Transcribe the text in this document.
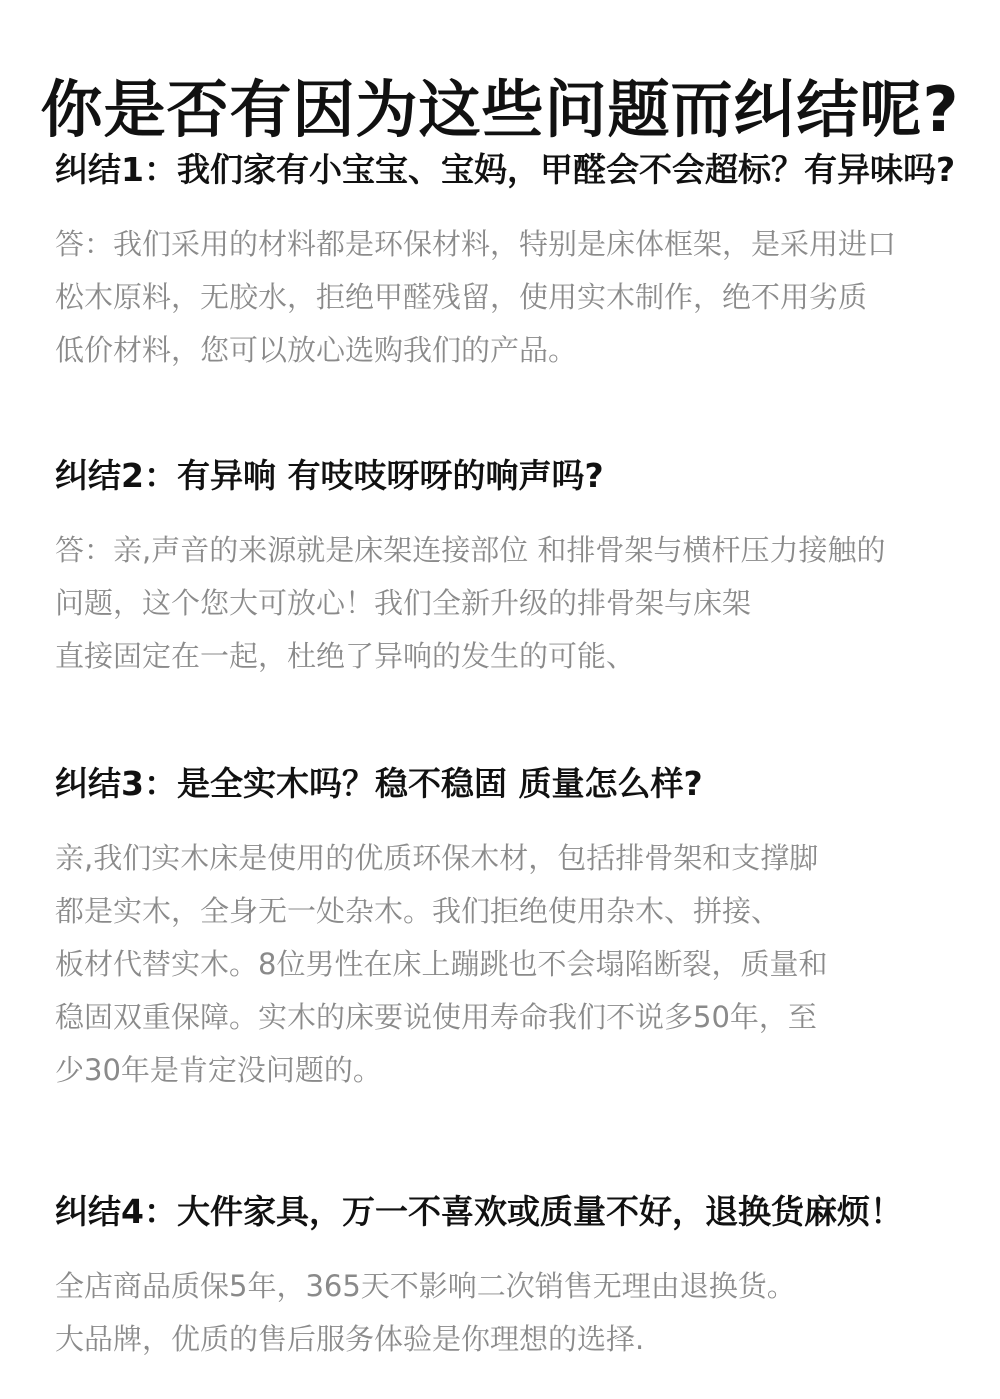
你是否有因为这些问题而纠结呢?
纠结1：我们家有小宝宝、宝妈，甲醛会不会超标？有异味吗?
答：我们采用的材料都是环保材料，特别是床体框架，是采用进口
松木原料，无胶水，拒绝甲醛残留，使用实木制作，绝不用劣质
低价材料，您可以放心选购我们的产品。
纠结2：有异响 有吱吱呀呀的响声吗?
答：亲,声音的来源就是床架连接部位 和排骨架与横杆压力接触的
问题，这个您大可放心！我们全新升级的排骨架与床架
直接固定在一起，杜绝了异响的发生的可能、
纠结3：是全实木吗？稳不稳固 质量怎么样?
亲,我们实木床是使用的优质环保木材，包括排骨架和支撑脚
都是实木，全身无一处杂木。我们拒绝使用杂木、拼接、
板材代替实木。8位男性在床上蹦跳也不会塌陷断裂，质量和
稳固双重保障。实木的床要说使用寿命我们不说多50年，至
少30年是肯定没问题的。
纠结4：大件家具，万一不喜欢或质量不好，退换货麻烦！
全店商品质保5年，365天不影响二次销售无理由退换货。
大品牌，优质的售后服务体验是你理想的选择.
